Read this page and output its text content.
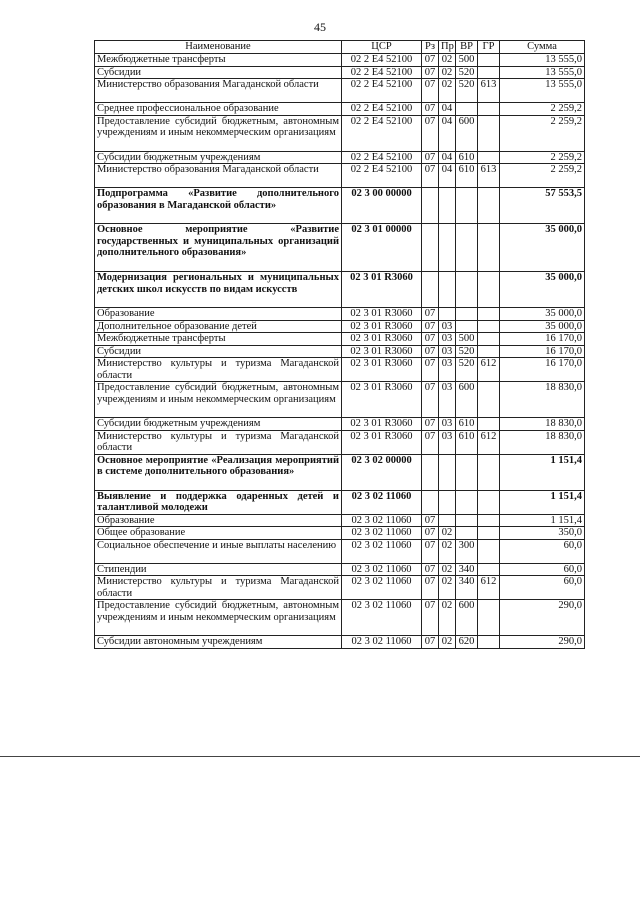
45
Наименование	ЦСР	Рз	Пр	ВР	ГР	Сумма
Межбюджетные трансферты	02 2 Е4 52100	07	02	500		13 555,0
Субсидии	02 2 Е4 52100	07	02	520		13 555,0
Министерство образования Магаданской области	02 2 Е4 52100	07	02	520	613	13 555,0
Среднее профессиональное образование	02 2 Е4 52100	07	04			2 259,2
Предоставление субсидий бюджетным, автономным учреждениям и иным некоммерческим организациям	02 2 Е4 52100	07	04	600		2 259,2
Субсидии бюджетным учреждениям	02 2 Е4 52100	07	04	610		2 259,2
Министерство образования Магаданской области	02 2 Е4 52100	07	04	610	613	2 259,2
Подпрограмма «Развитие дополнительного образования в Магаданской области»	02 3 00 00000					57 553,5
Основное мероприятие «Развитие государственных и муниципальных организаций дополнительного образования»	02 3 01 00000					35 000,0
Модернизация региональных и муниципальных детских школ искусств по видам искусств	02 3 01 R3060					35 000,0
Образование	02 3 01 R3060	07				35 000,0
Дополнительное образование детей	02 3 01 R3060	07	03			35 000,0
Межбюджетные трансферты	02 3 01 R3060	07	03	500		16 170,0
Субсидии	02 3 01 R3060	07	03	520		16 170,0
Министерство культуры и туризма Магаданской области	02 3 01 R3060	07	03	520	612	16 170,0
Предоставление субсидий бюджетным, автономным учреждениям и иным некоммерческим организациям	02 3 01 R3060	07	03	600		18 830,0
Субсидии бюджетным учреждениям	02 3 01 R3060	07	03	610		18 830,0
Министерство культуры и туризма Магаданской области	02 3 01 R3060	07	03	610	612	18 830,0
Основное мероприятие «Реализация мероприятий в системе дополнительного образования»	02 3 02 00000					1 151,4
Выявление и поддержка одаренных детей и талантливой молодежи	02 3 02 11060					1 151,4
Образование	02 3 02 11060	07				1 151,4
Общее образование	02 3 02 11060	07	02			350,0
Социальное обеспечение и иные выплаты населению	02 3 02 11060	07	02	300		60,0
Стипендии	02 3 02 11060	07	02	340		60,0
Министерство культуры и туризма Магаданской области	02 3 02 11060	07	02	340	612	60,0
Предоставление субсидий бюджетным, автономным учреждениям и иным некоммерческим организациям	02 3 02 11060	07	02	600		290,0
Субсидии автономным учреждениям	02 3 02 11060	07	02	620		290,0
